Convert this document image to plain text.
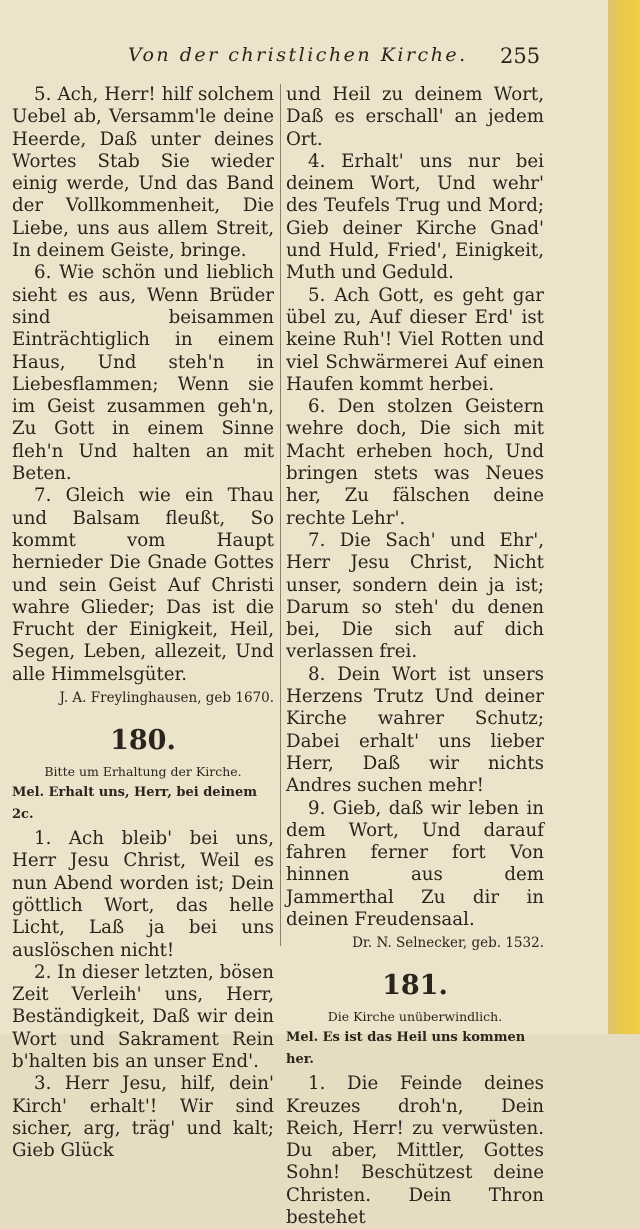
Von der christlichen Kirche. 255

5. Ach, Herr! hilf solchem Uebel ab, Versamm'le deine Heerde, Daß unter deines Wortes Stab Sie wieder einig werde, Und das Band der Vollkommenheit, Die Liebe, uns aus allem Streit, In deinem Geiste, bringe.

6. Wie schön und lieblich sieht es aus, Wenn Brüder sind beisammen Einträchtiglich in einem Haus, Und steh'n in Liebesflammen; Wenn sie im Geist zusammen geh'n, Zu Gott in einem Sinne fleh'n Und halten an mit Beten.

7. Gleich wie ein Thau und Balsam fleußt, So kommt vom Haupt hernieder Die Gnade Gottes und sein Geist Auf Christi wahre Glieder; Das ist die Frucht der Einigkeit, Heil, Segen, Leben, allezeit, Und alle Himmelsgüter.

J. A. Freylinghausen, geb 1670.

180.

Bitte um Erhaltung der Kirche.

Mel. Erhalt uns, Herr, bei deinem 2c.

1. Ach bleib' bei uns, Herr Jesu Christ, Weil es nun Abend worden ist; Dein göttlich Wort, das helle Licht, Laß ja bei uns auslöschen nicht!

2. In dieser letzten, bösen Zeit Verleih' uns, Herr, Beständigkeit, Daß wir dein Wort und Sakrament Rein b'halten bis an unser End'.

3. Herr Jesu, hilf, dein' Kirch' erhalt'! Wir sind sicher, arg, träg' und kalt; Gieb Glück

und Heil zu deinem Wort, Daß es erschall' an jedem Ort.

4. Erhalt' uns nur bei deinem Wort, Und wehr' des Teufels Trug und Mord; Gieb deiner Kirche Gnad' und Huld, Fried', Einigkeit, Muth und Geduld.

5. Ach Gott, es geht gar übel zu, Auf dieser Erd' ist keine Ruh'! Viel Rotten und viel Schwärmerei Auf einen Haufen kommt herbei.

6. Den stolzen Geistern wehre doch, Die sich mit Macht erheben hoch, Und bringen stets was Neues her, Zu fälschen deine rechte Lehr'.

7. Die Sach' und Ehr', Herr Jesu Christ, Nicht unser, sondern dein ja ist; Darum so steh' du denen bei, Die sich auf dich verlassen frei.

8. Dein Wort ist unsers Herzens Trutz Und deiner Kirche wahrer Schutz; Dabei erhalt' uns lieber Herr, Daß wir nichts Andres suchen mehr!

9. Gieb, daß wir leben in dem Wort, Und darauf fahren ferner fort Von hinnen aus dem Jammerthal Zu dir in deinen Freudensaal.

Dr. N. Selnecker, geb. 1532.

181.

Die Kirche unüberwindlich.

Mel. Es ist das Heil uns kommen her.

1. Die Feinde deines Kreuzes droh'n, Dein Reich, Herr! zu verwüsten. Du aber, Mittler, Gottes Sohn! Beschützest deine Christen. Dein Thron bestehet
